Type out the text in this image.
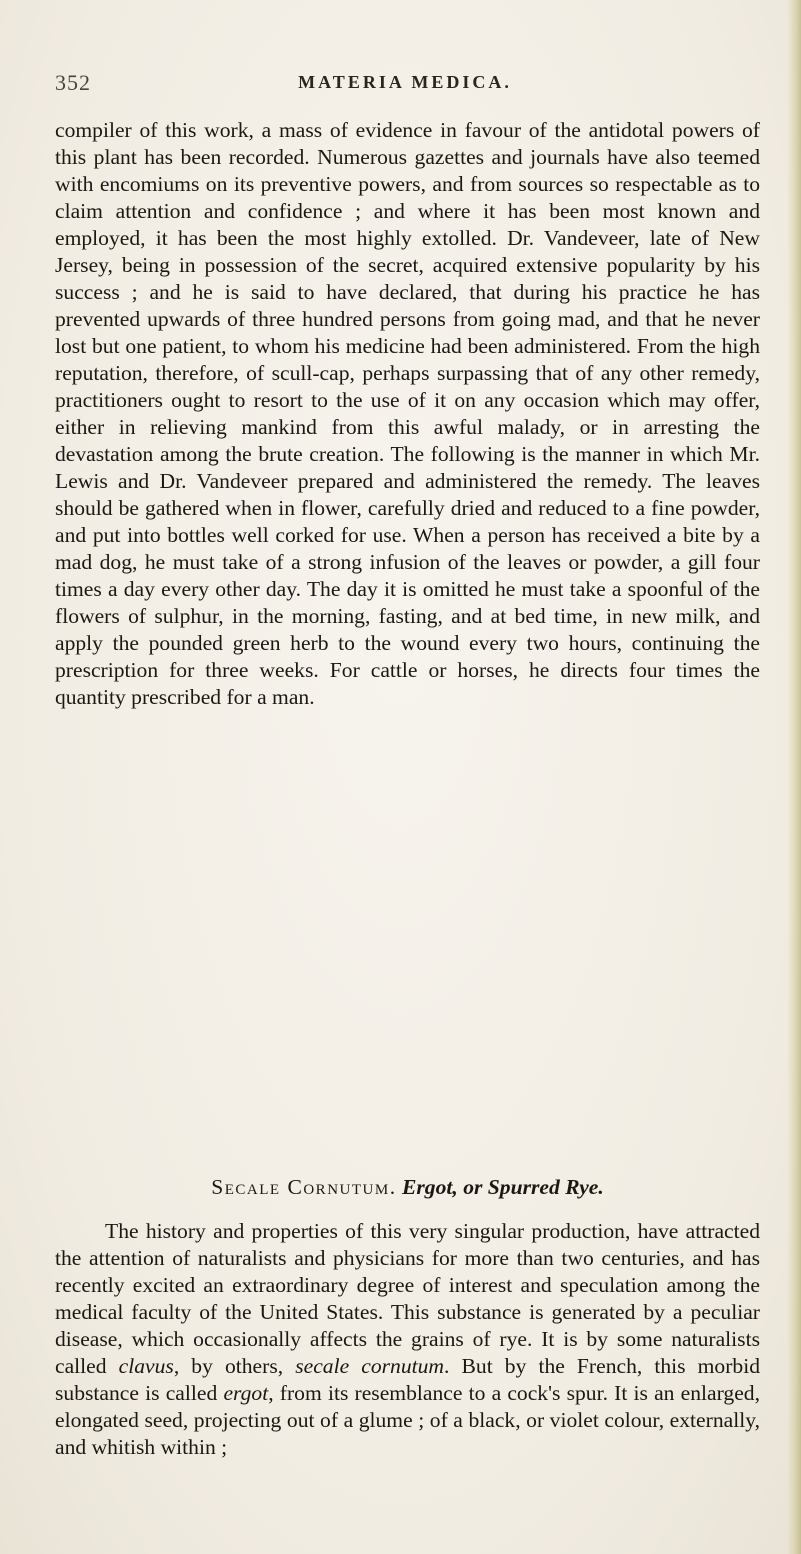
352	MATERIA MEDICA.

compiler of this work, a mass of evidence in favour of the antidotal powers of this plant has been recorded. Numerous gazettes and journals have also teemed with encomiums on its preventive powers, and from sources so respectable as to claim attention and confidence ; and where it has been most known and employed, it has been the most highly extolled. Dr. Vandeveer, late of New Jersey, being in possession of the secret, acquired extensive popularity by his success ; and he is said to have declared, that during his practice he has prevented upwards of three hundred persons from going mad, and that he never lost but one patient, to whom his medicine had been administered. From the high reputation, therefore, of scull-cap, perhaps surpassing that of any other remedy, practitioners ought to resort to the use of it on any occasion which may offer, either in relieving mankind from this awful malady, or in arresting the devastation among the brute creation. The following is the manner in which Mr. Lewis and Dr. Vandeveer prepared and administered the remedy. The leaves should be gathered when in flower, carefully dried and reduced to a fine powder, and put into bottles well corked for use. When a person has received a bite by a mad dog, he must take of a strong infusion of the leaves or powder, a gill four times a day every other day. The day it is omitted he must take a spoonful of the flowers of sulphur, in the morning, fasting, and at bed time, in new milk, and apply the pounded green herb to the wound every two hours, continuing the prescription for three weeks. For cattle or horses, he directs four times the quantity prescribed for a man.

Secale Cornutum. Ergot, or Spurred Rye.

The history and properties of this very singular production, have attracted the attention of naturalists and physicians for more than two centuries, and has recently excited an extraordinary degree of interest and speculation among the medical faculty of the United States. This substance is generated by a peculiar disease, which occasionally affects the grains of rye. It is by some naturalists called clavus, by others, secale cornutum. But by the French, this morbid substance is called ergot, from its resemblance to a cock's spur. It is an enlarged, elongated seed, projecting out of a glume ; of a black, or violet colour, externally, and whitish within ;
